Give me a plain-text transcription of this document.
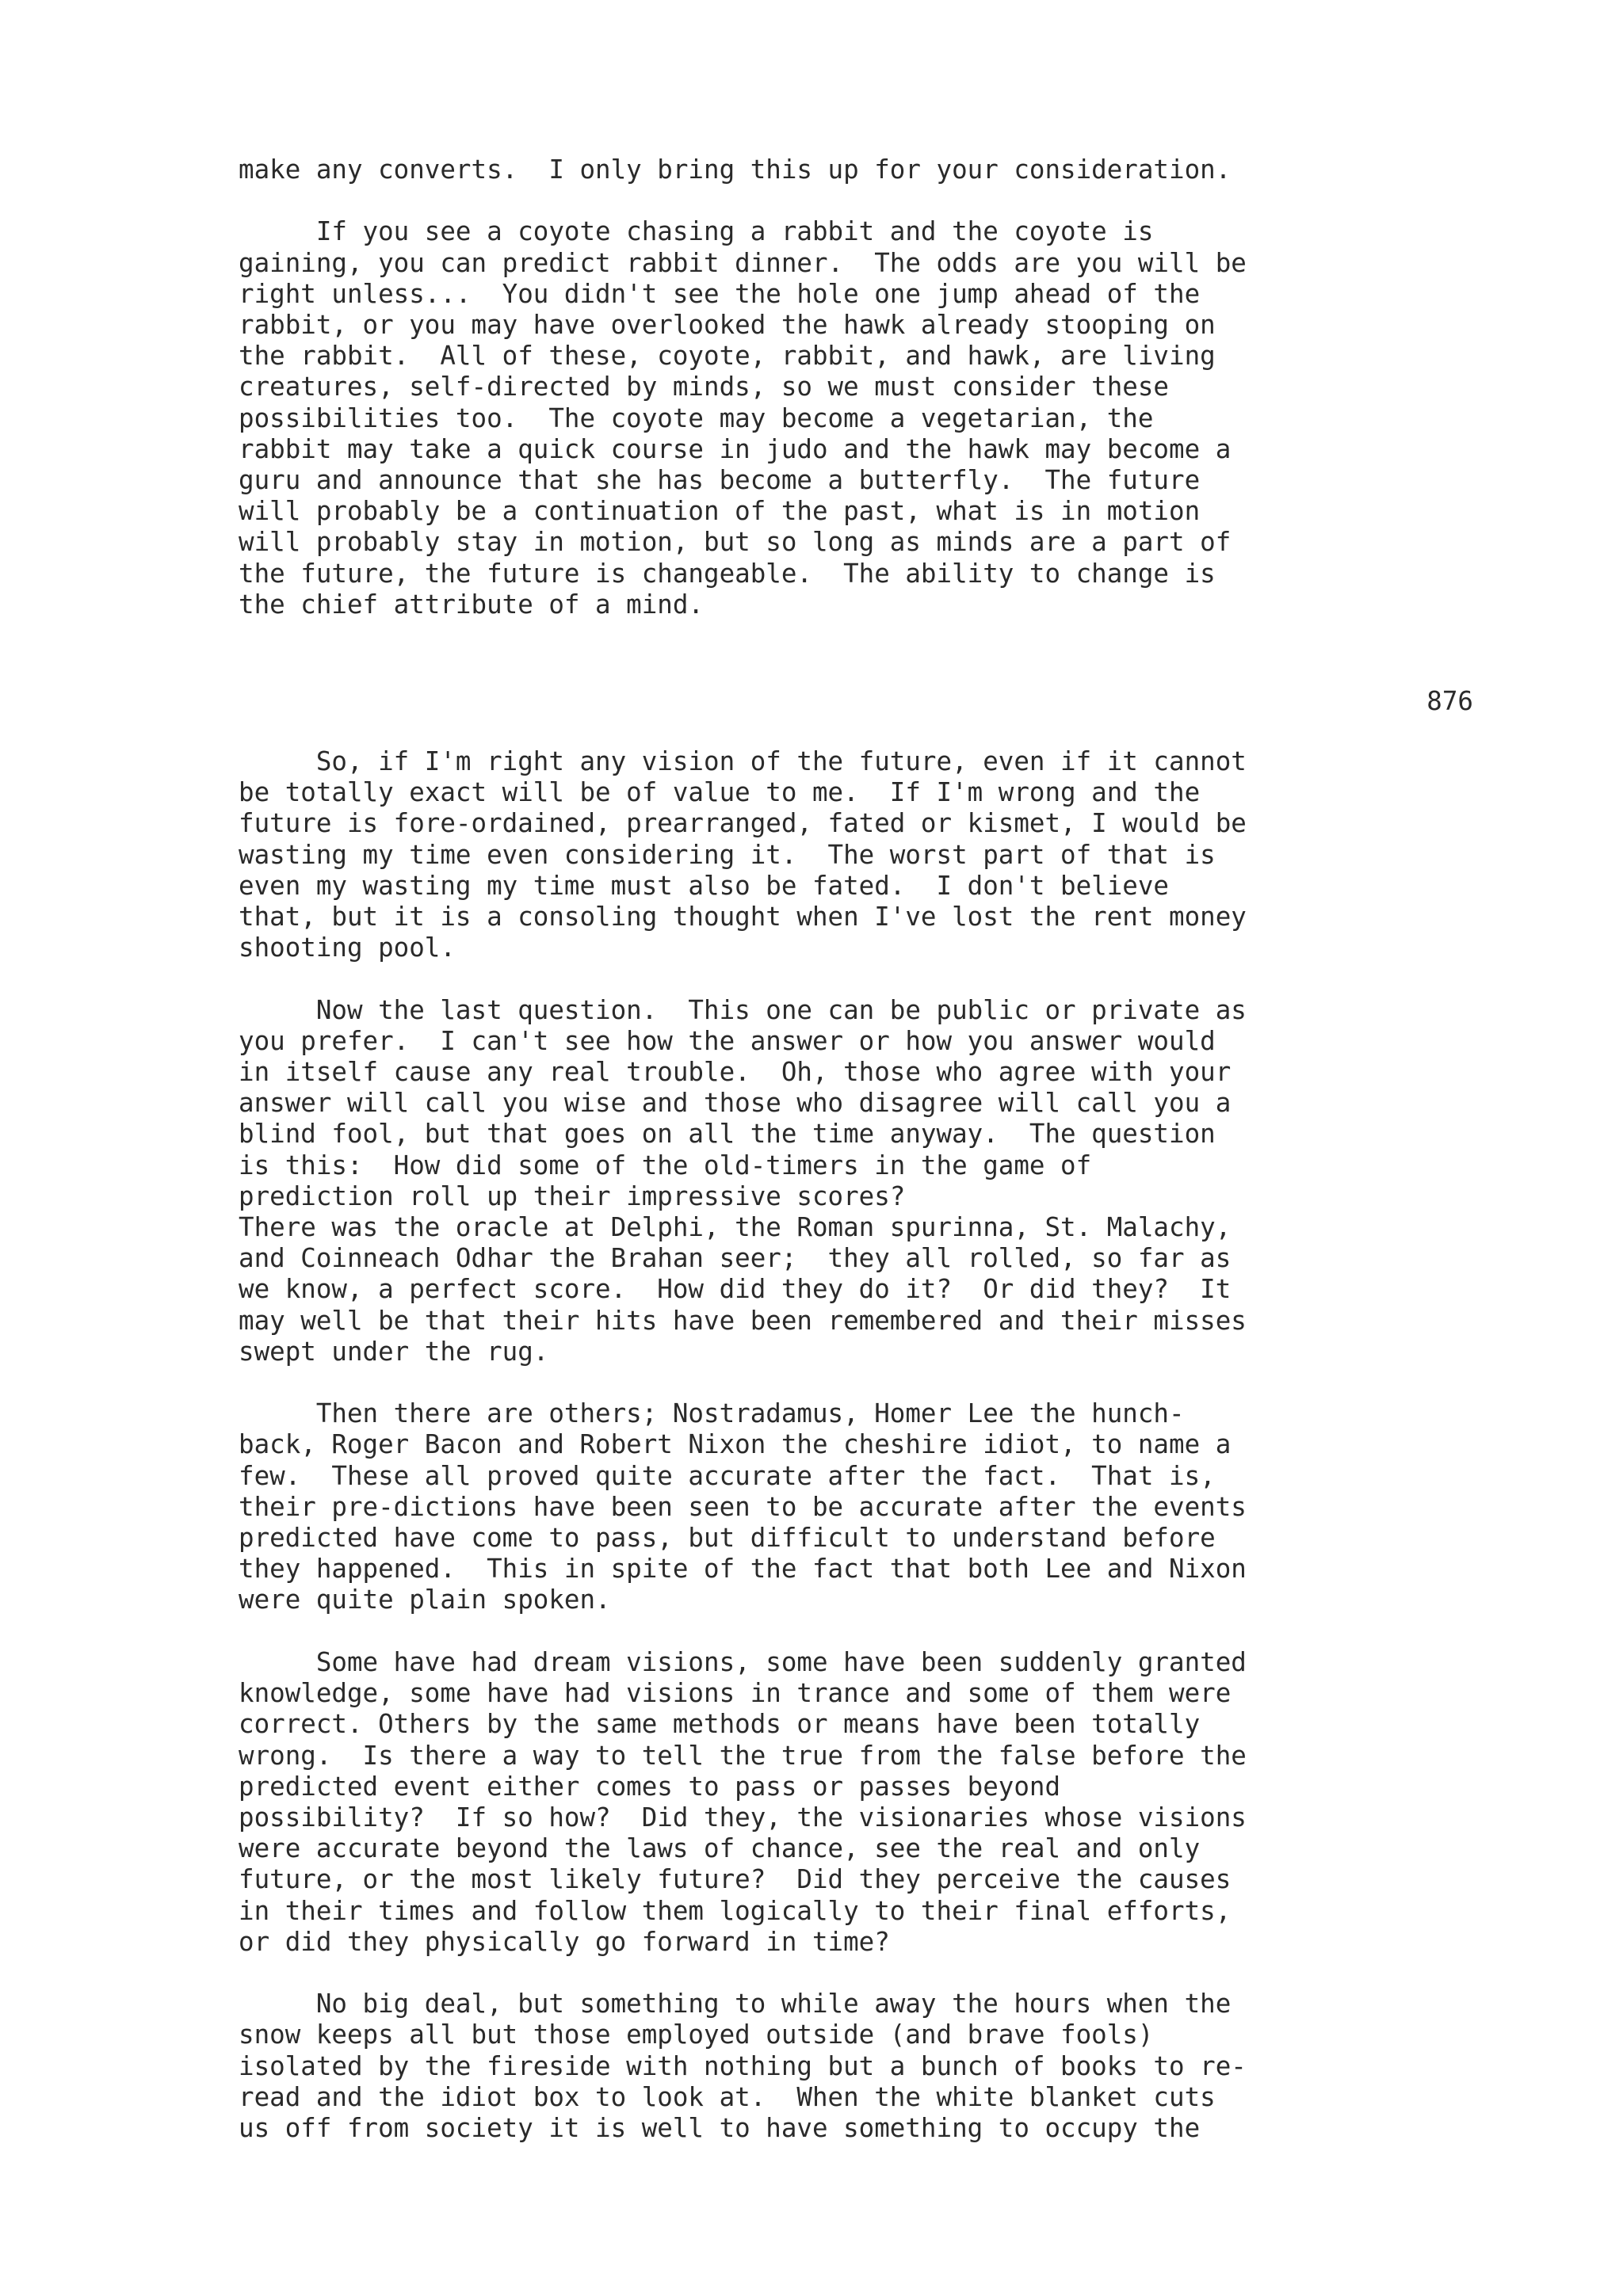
make any converts.  I only bring this up for your consideration.

If you see a coyote chasing a rabbit and the coyote is
gaining, you can predict rabbit dinner.  The odds are you will be
right unless...  You didn't see the hole one jump ahead of the
rabbit, or you may have overlooked the hawk already stooping on
the rabbit.  All of these, coyote, rabbit, and hawk, are living
creatures, self-directed by minds, so we must consider these
possibilities too.  The coyote may become a vegetarian, the
rabbit may take a quick course in judo and the hawk may become a
guru and announce that she has become a butterfly.  The future
will probably be a continuation of the past, what is in motion
will probably stay in motion, but so long as minds are a part of
the future, the future is changeable.  The ability to change is
the chief attribute of a mind.

876

So, if I'm right any vision of the future, even if it cannot
be totally exact will be of value to me.  If I'm wrong and the
future is fore-ordained, prearranged, fated or kismet, I would be
wasting my time even considering it.  The worst part of that is
even my wasting my time must also be fated.  I don't believe
that, but it is a consoling thought when I've lost the rent money
shooting pool.

Now the last question.  This one can be public or private as
you prefer.  I can't see how the answer or how you answer would
in itself cause any real trouble.  Oh, those who agree with your
answer will call you wise and those who disagree will call you a
blind fool, but that goes on all the time anyway.  The question
is this:  How did some of the old-timers in the game of
prediction roll up their impressive scores?
There was the oracle at Delphi, the Roman spurinna, St. Malachy,
and Coinneach Odhar the Brahan seer;  they all rolled, so far as
we know, a perfect score.  How did they do it?  Or did they?  It
may well be that their hits have been remembered and their misses
swept under the rug.

Then there are others; Nostradamus, Homer Lee the hunch-
back, Roger Bacon and Robert Nixon the cheshire idiot, to name a
few.  These all proved quite accurate after the fact.  That is,
their pre-dictions have been seen to be accurate after the events
predicted have come to pass, but difficult to understand before
they happened.  This in spite of the fact that both Lee and Nixon
were quite plain spoken.

Some have had dream visions, some have been suddenly granted
knowledge, some have had visions in trance and some of them were
correct. Others by the same methods or means have been totally
wrong.  Is there a way to tell the true from the false before the
predicted event either comes to pass or passes beyond
possibility?  If so how?  Did they, the visionaries whose visions
were accurate beyond the laws of chance, see the real and only
future, or the most likely future?  Did they perceive the causes
in their times and follow them logically to their final efforts,
or did they physically go forward in time?

No big deal, but something to while away the hours when the
snow keeps all but those employed outside (and brave fools)
isolated by the fireside with nothing but a bunch of books to re-
read and the idiot box to look at.  When the white blanket cuts
us off from society it is well to have something to occupy the
